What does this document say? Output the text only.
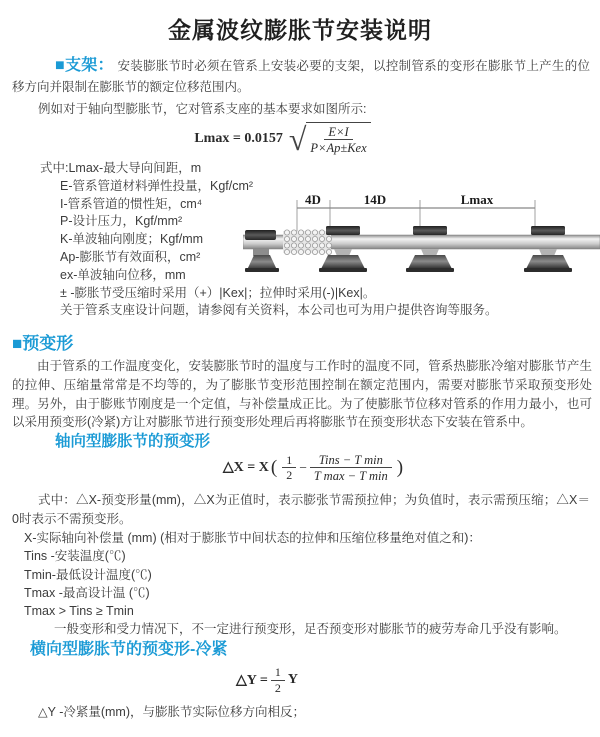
金属波纹膨胀节安装说明
■支架： 安装膨胀节时必须在管系上安装必要的支架，以控制管系的变形在膨胀节上产生的位移方向并限制在膨胀节的额定位移范围内。
例如对于轴向型膨胀节，它对管系支座的基本要求如图所示:
Lmax = 0.0157 √ $\frac{E\times I}{\text{P×Ap±Kex}}$
式中:Lmax-最大导向间距，m
E-管系管道材料弹性投量，Kgf/cm²
I-管系管道的惯性矩，cm⁴
P-设计压力，Kgf/mm²
K-单波轴向刚度；Kgf/mm
Ap-膨胀节有效面积，cm²
ex-单波轴向位移，mm
± -膨胀节受压缩时采用（+）|Kex|；拉伸时采用(-)|Kex|。
关于管系支座设计问题，请参阅有关资料，本公司也可为用户提供咨询等服务。
4D	14D	Lmax
■预变形
由于管系的工作温度变化，安装膨胀节时的温度与工作时的温度不同，管系热膨胀冷缩对膨胀节产生的拉伸、压缩量常常是不均等的，为了膨胀节变形范围控制在额定范围内，需要对膨胀节采取预变形处理。另外，由于膨账节刚度是一个定值，与补偿量成正比。为了使膨胀节位移对管系的作用力最小，也可以采用预变形(冷紧)方让对膨胀节进行预变形处理后再将膨胀节在预变形状态下安装在管系中。
轴向型膨胀节的预变形
△X = X ( $\frac{1}{2} - \frac{\text{Tins − T min}}{\text{T max − T min}}$ )
式中：△X-预变形量(mm)，△X为正值时，表示膨张节需预拉伸；为负值时，表示需预压缩；△X＝0时表示不需预变形。
X-实际轴向补偿量 (mm) (相对于膨胀节中间状态的拉伸和压缩位移量绝对值之和)：
Tins -安装温度(℃)
Tmin-最低设计温度(℃)
Tmax -最高设计温 (℃)
Tmax > Tins ≥ Tmin
一般变形和受力情况下，不一定进行预变形，足否预变形对膨胀节的疲劳寿命几乎没有影响。
横向型膨胀节的预变形-冷紧
△Y = $\frac{1}{2}$ Y
△Y -冷紧量(mm)，与膨胀节实际位移方向相反；
